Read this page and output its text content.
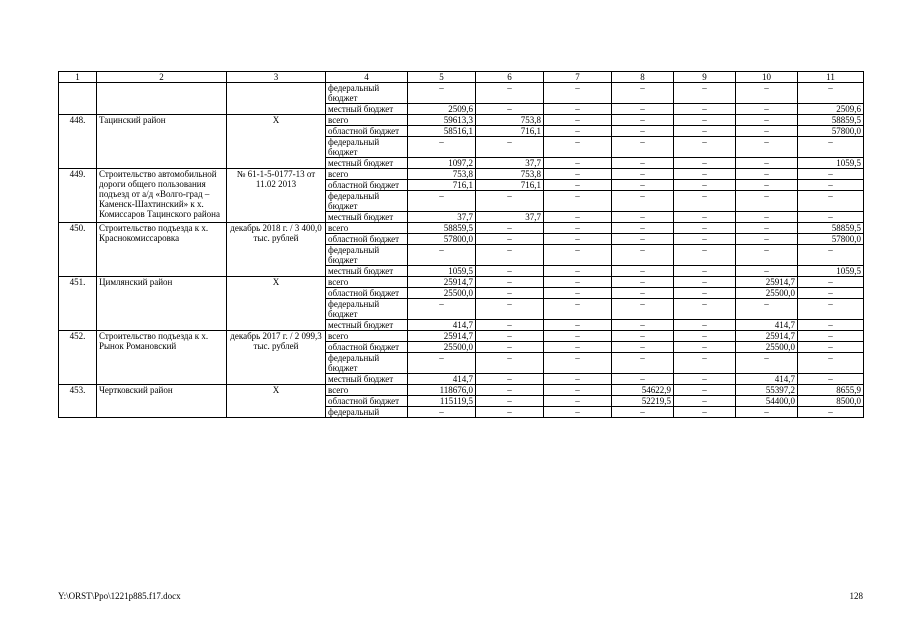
1	2	3	4	5	6	7	8	9	10	11
			федеральный бюджет	–	–	–	–	–	–	–
			местный бюджет	2509,6	–	–	–	–	–	2509,6
448.	Тацинский район	Х	всего	59613,3	753,8	–	–	–	–	58859,5
			областной бюджет	58516,1	716,1	–	–	–	–	57800,0
			федеральный бюджет	–	–	–	–	–	–	–
			местный бюджет	1097,2	37,7	–	–	–	–	1059,5
449.	Строительство автомобильной дороги общего пользования подъезд от а/д «Волго-град – Каменск-Шахтинский» к х. Комиссаров Тацинского района	№ 61-1-5-0177-13 от 11.02 2013	всего	753,8	753,8	–	–	–	–	–
			областной бюджет	716,1	716,1	–	–	–	–	–
			федеральный бюджет	–	–	–	–	–	–	–
			местный бюджет	37,7	37,7	–	–	–	–	–
450.	Строительство подъезда к х. Краснокомиссаровка	декабрь 2018 г. / 3 400,0 тыс. рублей	всего	58859,5	–	–	–	–	–	58859,5
			областной бюджет	57800,0	–	–	–	–	–	57800,0
			федеральный бюджет	–	–	–	–	–	–	–
			местный бюджет	1059,5	–	–	–	–	–	1059,5
451.	Цимлянский район	Х	всего	25914,7	–	–	–	–	25914,7	–
			областной бюджет	25500,0	–	–	–	–	25500,0	–
			федеральный бюджет	–	–	–	–	–	–	–
			местный бюджет	414,7	–	–	–	–	414,7	–
452.	Строительство подъезда к х. Рынок Романовский	декабрь 2017 г. / 2 099,3 тыс. рублей	всего	25914,7	–	–	–	–	25914,7	–
			областной бюджет	25500,0	–	–	–	–	25500,0	–
			федеральный бюджет	–	–	–	–	–	–	–
			местный бюджет	414,7	–	–	–	–	414,7	–
453.	Чертковский район	Х	всего	118676,0	–	–	54622,9	–	55397,2	8655,9
			областной бюджет	115119,5	–	–	52219,5	–	54400,0	8500,0
			федеральный	–	–	–	–	–	–	–
Y:\ORST\Ppo\1221p885.f17.docx	128
